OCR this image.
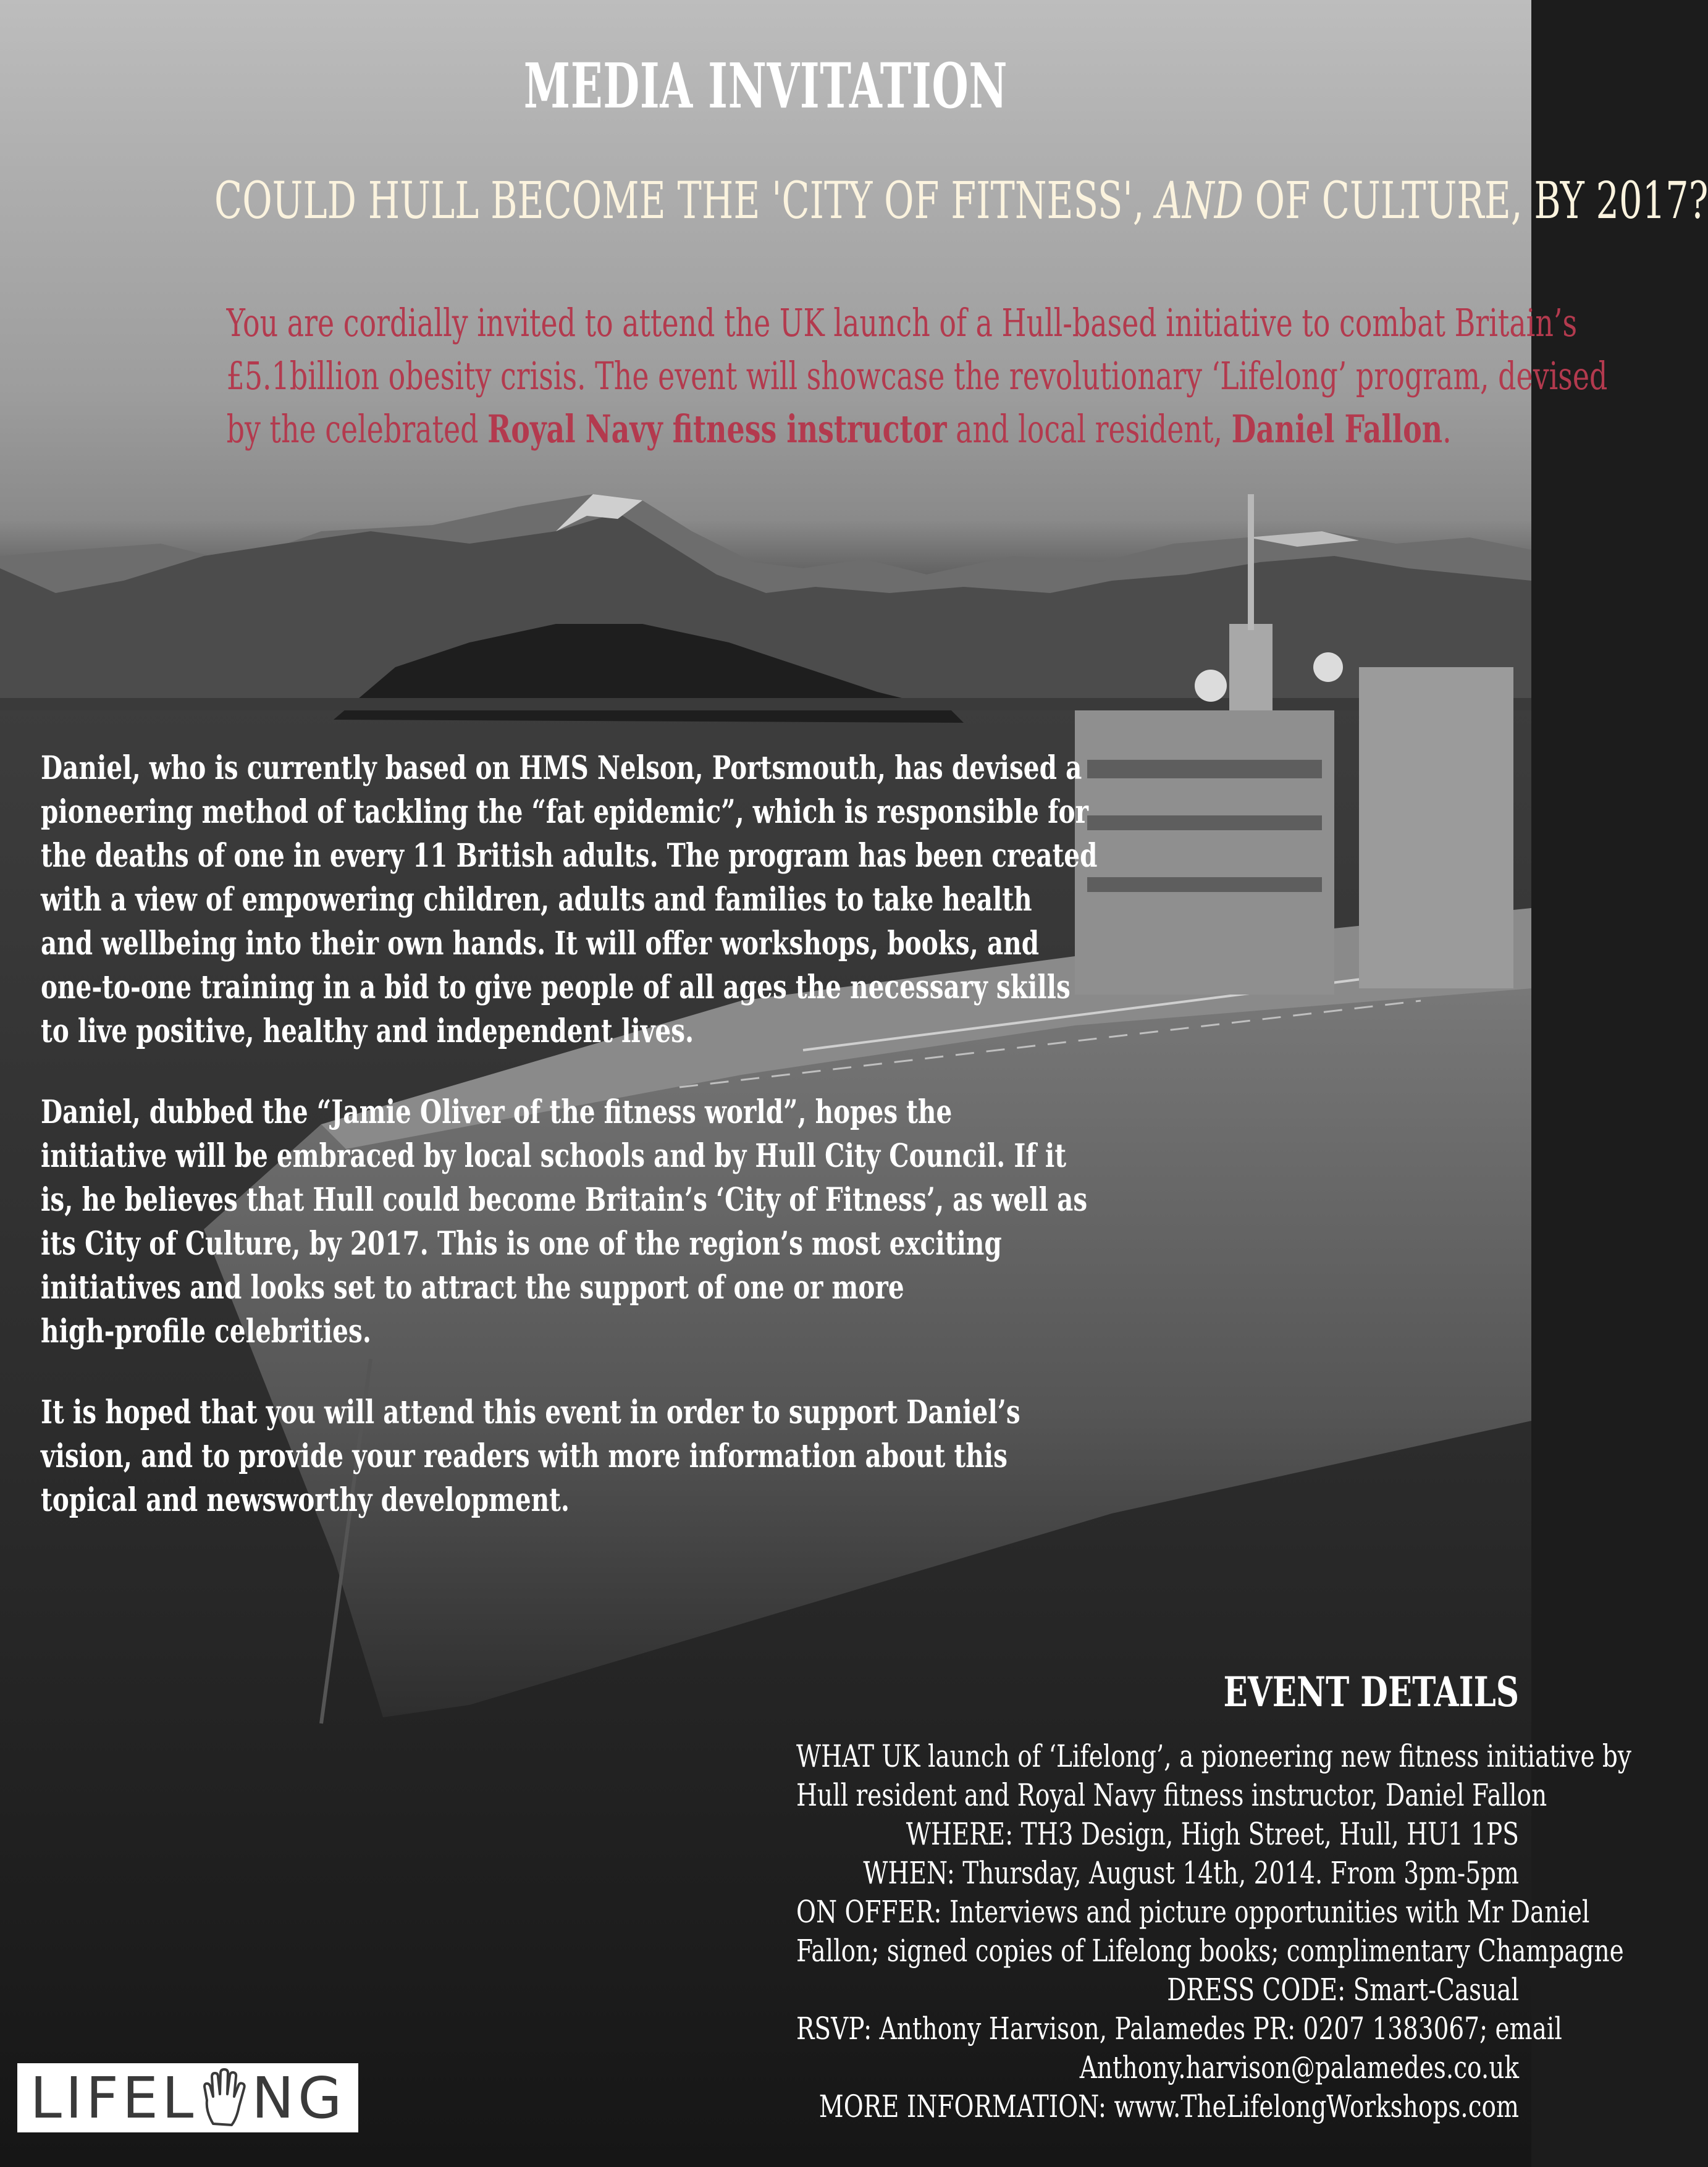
MEDIA INVITATION
COULD HULL BECOME THE 'CITY OF FITNESS', AND OF CULTURE, BY 2017?
You are cordially invited to attend the UK launch of a Hull-based initiative to combat Britain’s
£5.1billion obesity crisis. The event will showcase the revolutionary ‘Lifelong’ program, devised
by the celebrated Royal Navy fitness instructor and local resident, Daniel Fallon.
Daniel, who is currently based on HMS Nelson, Portsmouth, has devised a
pioneering method of tackling the “fat epidemic”, which is responsible for
the deaths of one in every 11 British adults. The program has been created
with a view of empowering children, adults and families to take health
and wellbeing into their own hands. It will offer workshops, books, and
one-to-one training in a bid to give people of all ages the necessary skills
to live positive, healthy and independent lives.
Daniel, dubbed the “Jamie Oliver of the fitness world”, hopes the
initiative will be embraced by local schools and by Hull City Council. If it
is, he believes that Hull could become Britain’s ‘City of Fitness’, as well as
its City of Culture, by 2017. This is one of the region’s most exciting
initiatives and looks set to attract the support of one or more
high-profile celebrities.
It is hoped that you will attend this event in order to support Daniel’s
vision, and to provide your readers with more information about this
topical and newsworthy development.
EVENT DETAILS
WHAT UK launch of ‘Lifelong’, a pioneering new fitness initiative by
Hull resident and Royal Navy fitness instructor, Daniel Fallon
WHERE: TH3 Design, High Street, Hull, HU1 1PS
WHEN: Thursday, August 14th, 2014. From 3pm-5pm
ON OFFER: Interviews and picture opportunities with Mr Daniel
Fallon; signed copies of Lifelong books; complimentary Champagne
DRESS CODE: Smart-Casual
RSVP: Anthony Harvison, Palamedes PR: 0207 1383067; email
Anthony.harvison@palamedes.co.uk
MORE INFORMATION: www.TheLifelongWorkshops.com
LIFEL NG
